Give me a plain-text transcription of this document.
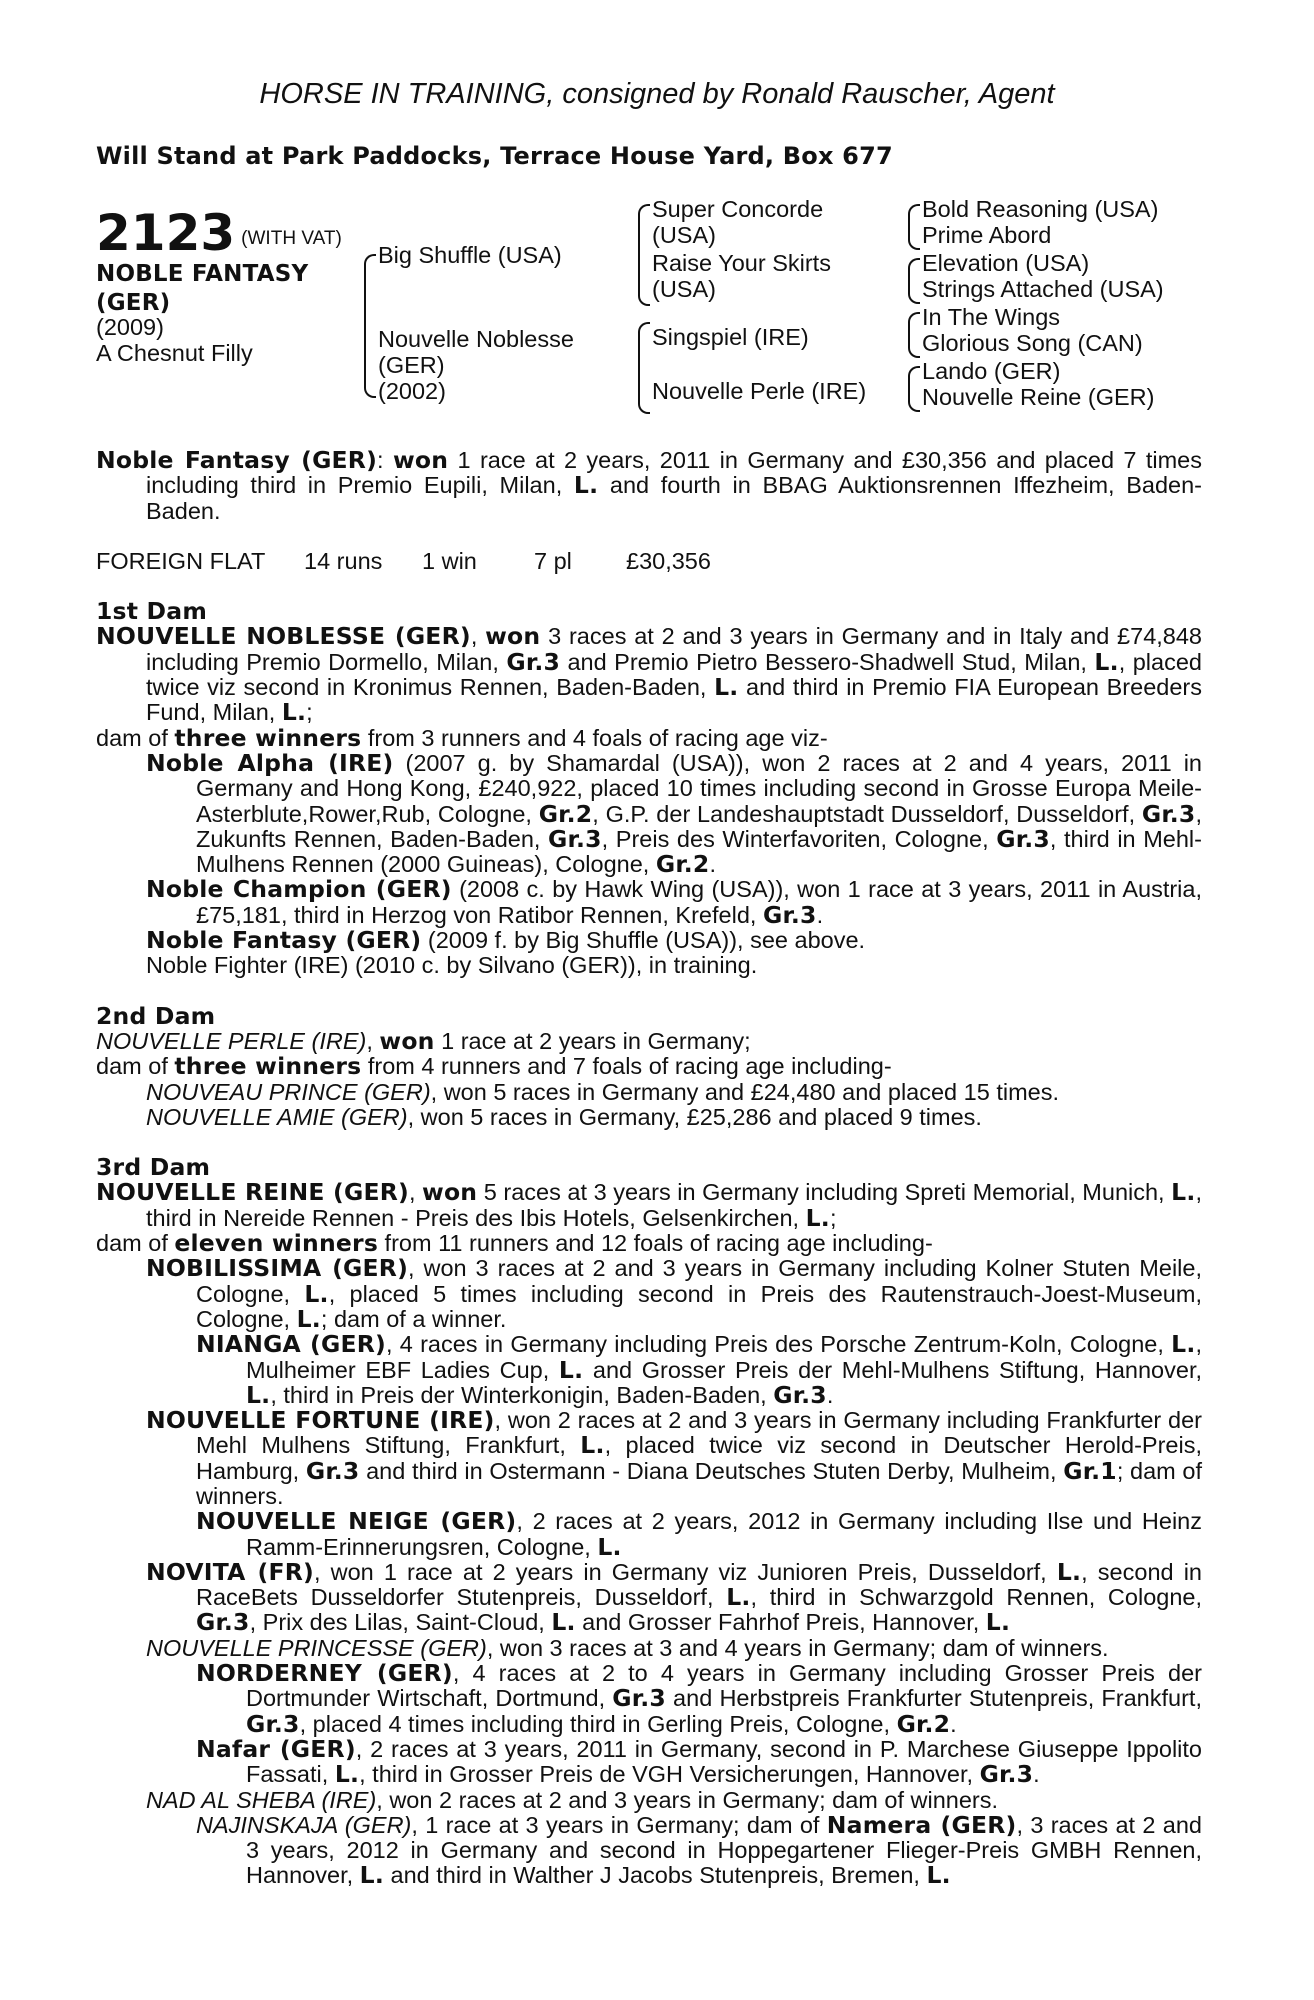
HORSE IN TRAINING, consigned by Ronald Rauscher, Agent
Will Stand at Park Paddocks, Terrace House Yard, Box 677
2123 $^{(WITH VAT)}$
NOBLE FANTASY
(GER)
(2009)
A Chesnut Filly
Big Shuffle (USA)
Nouvelle Noblesse
(GER)
(2002)
Super Concorde
(USA)
Raise Your Skirts
(USA)
Singspiel (IRE)
Nouvelle Perle (IRE)
Bold Reasoning (USA)
Prime Abord
Elevation (USA)
Strings Attached (USA)
In The Wings
Glorious Song (CAN)
Lando (GER)
Nouvelle Reine (GER)

Noble Fantasy (GER): won 1 race at 2 years, 2011 in Germany and £30,356 and placed 7 times including third in Premio Eupili, Milan, L. and fourth in BBAG Auktionsrennen Iffezheim, Baden-Baden.

FOREIGN FLAT 14 runs 1 win 7 pl £30,356

1st Dam

NOUVELLE NOBLESSE (GER), won 3 races at 2 and 3 years in Germany and in Italy and £74,848 including Premio Dormello, Milan, Gr.3 and Premio Pietro Bessero-Shadwell Stud, Milan, L., placed twice viz second in Kronimus Rennen, Baden-Baden, L. and third in Premio FIA European Breeders Fund, Milan, L.;

dam of three winners from 3 runners and 4 foals of racing age viz-

Noble Alpha (IRE) (2007 g. by Shamardal (USA)), won 2 races at 2 and 4 years, 2011 in Germany and Hong Kong, £240,922, placed 10 times including second in Grosse Europa Meile-Asterblute,Rower,Rub, Cologne, Gr.2, G.P. der Landeshauptstadt Dusseldorf, Dusseldorf, Gr.3, Zukunfts Rennen, Baden-Baden, Gr.3, Preis des Winterfavoriten, Cologne, Gr.3, third in Mehl-Mulhens Rennen (2000 Guineas), Cologne, Gr.2.

Noble Champion (GER) (2008 c. by Hawk Wing (USA)), won 1 race at 3 years, 2011 in Austria, £75,181, third in Herzog von Ratibor Rennen, Krefeld, Gr.3.

Noble Fantasy (GER) (2009 f. by Big Shuffle (USA)), see above.

Noble Fighter (IRE) (2010 c. by Silvano (GER)), in training.

2nd Dam

NOUVELLE PERLE (IRE), won 1 race at 2 years in Germany;

dam of three winners from 4 runners and 7 foals of racing age including-

NOUVEAU PRINCE (GER), won 5 races in Germany and £24,480 and placed 15 times.

NOUVELLE AMIE (GER), won 5 races in Germany, £25,286 and placed 9 times.

3rd Dam

NOUVELLE REINE (GER), won 5 races at 3 years in Germany including Spreti Memorial, Munich, L., third in Nereide Rennen - Preis des Ibis Hotels, Gelsenkirchen, L.;

dam of eleven winners from 11 runners and 12 foals of racing age including-

NOBILISSIMA (GER), won 3 races at 2 and 3 years in Germany including Kolner Stuten Meile, Cologne, L., placed 5 times including second in Preis des Rautenstrauch-Joest-Museum, Cologne, L.; dam of a winner.

NIANGA (GER), 4 races in Germany including Preis des Porsche Zentrum-Koln, Cologne, L., Mulheimer EBF Ladies Cup, L. and Grosser Preis der Mehl-Mulhens Stiftung, Hannover, L., third in Preis der Winterkonigin, Baden-Baden, Gr.3.

NOUVELLE FORTUNE (IRE), won 2 races at 2 and 3 years in Germany including Frankfurter der Mehl Mulhens Stiftung, Frankfurt, L., placed twice viz second in Deutscher Herold-Preis, Hamburg, Gr.3 and third in Ostermann - Diana Deutsches Stuten Derby, Mulheim, Gr.1; dam of winners.

NOUVELLE NEIGE (GER), 2 races at 2 years, 2012 in Germany including Ilse und Heinz Ramm-Erinnerungsren, Cologne, L.

NOVITA (FR), won 1 race at 2 years in Germany viz Junioren Preis, Dusseldorf, L., second in RaceBets Dusseldorfer Stutenpreis, Dusseldorf, L., third in Schwarzgold Rennen, Cologne, Gr.3, Prix des Lilas, Saint-Cloud, L. and Grosser Fahrhof Preis, Hannover, L.

NOUVELLE PRINCESSE (GER), won 3 races at 3 and 4 years in Germany; dam of winners.

NORDERNEY (GER), 4 races at 2 to 4 years in Germany including Grosser Preis der Dortmunder Wirtschaft, Dortmund, Gr.3 and Herbstpreis Frankfurter Stutenpreis, Frankfurt, Gr.3, placed 4 times including third in Gerling Preis, Cologne, Gr.2.

Nafar (GER), 2 races at 3 years, 2011 in Germany, second in P. Marchese Giuseppe Ippolito Fassati, L., third in Grosser Preis de VGH Versicherungen, Hannover, Gr.3.

NAD AL SHEBA (IRE), won 2 races at 2 and 3 years in Germany; dam of winners.

NAJINSKAJA (GER), 1 race at 3 years in Germany; dam of Namera (GER), 3 races at 2 and 3 years, 2012 in Germany and second in Hoppegartener Flieger-Preis GMBH Rennen, Hannover, L. and third in Walther J Jacobs Stutenpreis, Bremen, L.
